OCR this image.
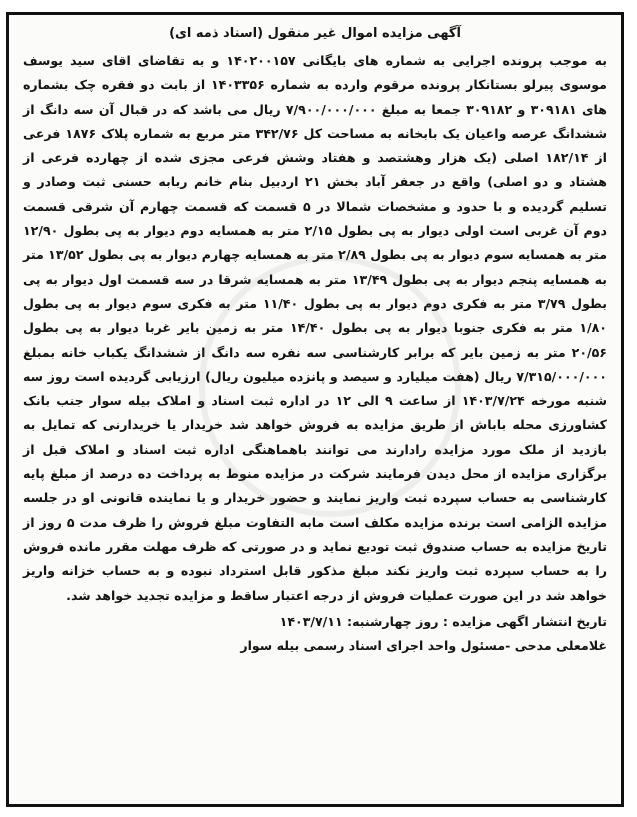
آگهی مزایده اموال غیر منقول (اسناد ذمه ای)

به موجب پرونده اجرایی به شماره های بایگانی ۱۴۰۲۰۰۱۵۷ و به تقاضای اقای سید یوسف موسوی پیرلو بستانکار پرونده مرقوم وارده به شماره ۱۴۰۳۳۵۶ از بابت دو فقره چک بشماره های ۳۰۹۱۸۱ و ۳۰۹۱۸۲ جمعا به مبلغ ۷/۹۰۰/۰۰۰/۰۰۰ ریال می باشد که در قبال آن سه دانگ از ششدانگ عرصه واعیان یک بابخانه به مساحت کل ۳۴۲/۷۶ متر مربع به شماره پلاک ۱۸۷۶ فرعی از ۱۸۲/۱۴ اصلی (یک هزار وهشتصد و هفتاد وشش فرعی مجزی شده از چهارده فرعی از هشتاد و دو اصلی) واقع در جعفر آباد بخش ۲۱ اردبیل بنام خانم ربابه حسنی ثبت وصادر و تسلیم گردیده و با حدود و مشخصات شمالا در ۵ قسمت که قسمت چهارم آن شرقی قسمت دوم آن غربی است اولی دیوار به پی بطول ۲/۱۵ متر به همسایه دوم دیوار به پی بطول ۱۲/۹۰ متر به همسایه سوم دیوار به پی بطول ۲/۸۹ متر به همسایه چهارم دیوار به پی بطول ۱۳/۵۲ متر به همسایه پنجم دیوار به پی بطول ۱۳/۴۹ متر به همسایه شرقا در سه قسمت اول دیوار به پی بطول ۳/۷۹ متر به فکری دوم دیوار به پی بطول ۱۱/۴۰ متر به فکری سوم دیوار به پی بطول ۱/۸۰ متر به فکری جنوبا دیوار به پی بطول ۱۴/۴۰ متر به زمین بایر غربا دیوار به پی بطول ۲۰/۵۶ متر به زمین بایر که برابر کارشناسی سه نفره سه دانگ از ششدانگ یکباب خانه بمبلغ ۷/۳۱۵/۰۰۰/۰۰۰ ریال (هفت میلیارد و سیصد و پانزده میلیون ریال) ارزیابی گردیده است روز سه شنبه مورخه ۱۴۰۳/۷/۲۴ از ساعت ۹ الی ۱۲ در اداره ثبت اسناد و املاک بیله سوار جنب بانک کشاورزی محله باباش از طریق مزایده به فروش خواهد شد خریدار یا خریدارنی که تمایل به بازدید از ملک مورد مزایده رادارند می توانند باهماهنگی اداره ثبت اسناد و املاک قبل از برگزاری مزایده از محل دیدن فرمایند شرکت در مزایده منوط به پرداخت ده درصد از مبلغ پایه کارشناسی به حساب سپرده ثبت واریز نمایند و حضور خریدار و یا نماینده قانونی او در جلسه مزایده الزامی است برنده مزایده مکلف است مابه التفاوت مبلغ فروش را ظرف مدت ۵ روز از تاریخ مزایده به حساب صندوق ثبت تودیع نماید و در صورتی که ظرف مهلت مقرر مانده فروش را به حساب سپرده ثبت واریز نکند مبلغ مذکور قابل استرداد نبوده و به حساب خزانه واریز خواهد شد در این صورت عملیات فروش از درجه اعتبار ساقط و مزایده تجدید خواهد شد.

تاریخ انتشار اگهی مزایده : روز چهارشنبه: ۱۴۰۳/۷/۱۱

غلامعلی مدحی -مسئول واحد اجرای اسناد رسمی بیله سوار
